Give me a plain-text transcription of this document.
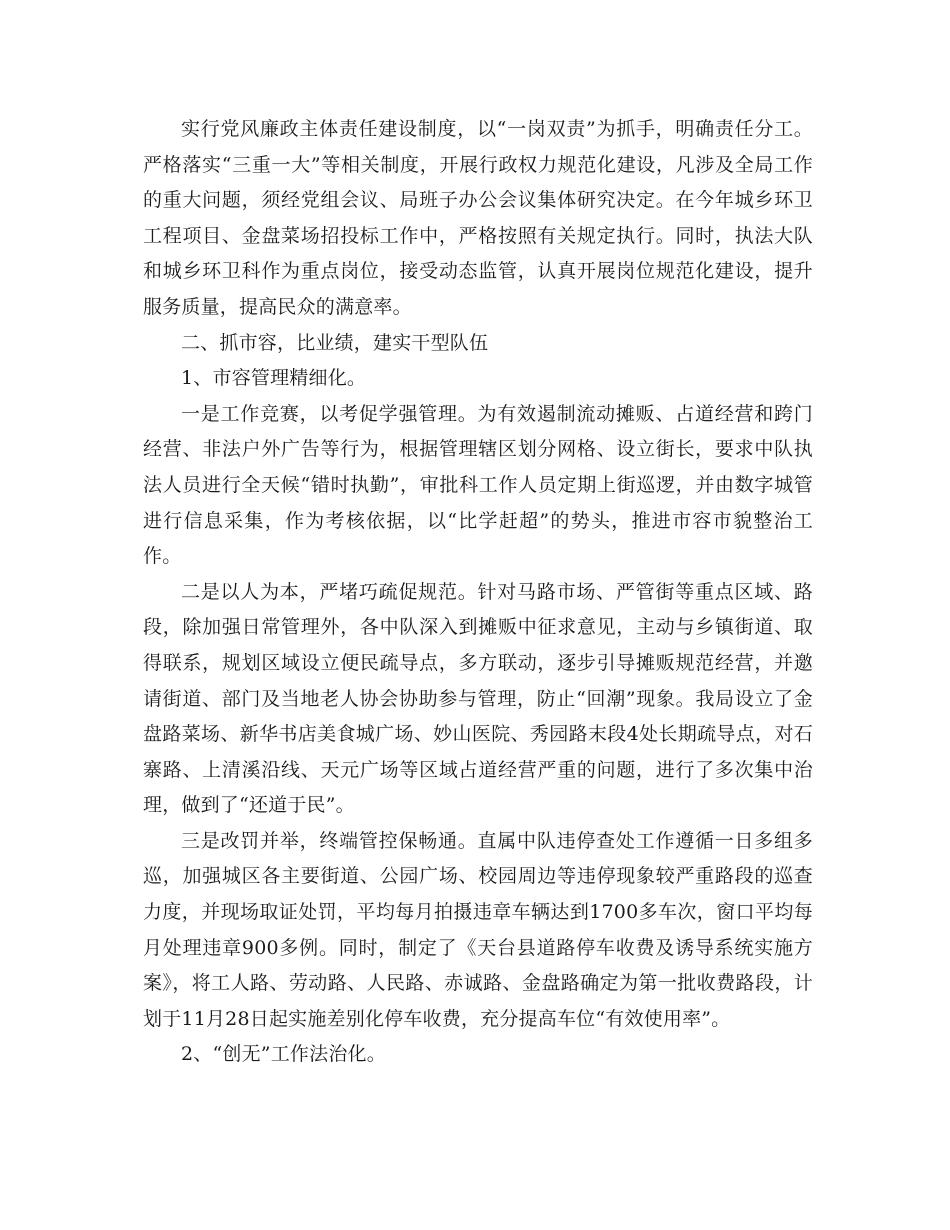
实行党风廉政主体责任建设制度，以“一岗双责”为抓手，明确责任分工。严格落实“三重一大”等相关制度，开展行政权力规范化建设，凡涉及全局工作的重大问题，须经党组会议、局班子办公会议集体研究决定。在今年城乡环卫工程项目、金盘菜场招投标工作中，严格按照有关规定执行。同时，执法大队和城乡环卫科作为重点岗位，接受动态监管，认真开展岗位规范化建设，提升服务质量，提高民众的满意率。

二、抓市容，比业绩，建实干型队伍

1、市容管理精细化。

一是工作竞赛，以考促学强管理。为有效遏制流动摊贩、占道经营和跨门经营、非法户外广告等行为，根据管理辖区划分网格、设立街长，要求中队执法人员进行全天候“错时执勤”，审批科工作人员定期上街巡逻，并由数字城管进行信息采集，作为考核依据，以“比学赶超”的势头，推进市容市貌整治工作。

二是以人为本，严堵巧疏促规范。针对马路市场、严管街等重点区域、路段，除加强日常管理外，各中队深入到摊贩中征求意见，主动与乡镇街道、取得联系，规划区域设立便民疏导点，多方联动，逐步引导摊贩规范经营，并邀请街道、部门及当地老人协会协助参与管理，防止“回潮”现象。我局设立了金盘路菜场、新华书店美食城广场、妙山医院、秀园路末段4处长期疏导点，对石寨路、上清溪沿线、天元广场等区域占道经营严重的问题，进行了多次集中治理，做到了“还道于民”。

三是改罚并举，终端管控保畅通。直属中队违停查处工作遵循一日多组多巡，加强城区各主要街道、公园广场、校园周边等违停现象较严重路段的巡查力度，并现场取证处罚，平均每月拍摄违章车辆达到1700多车次，窗口平均每月处理违章900多例。同时，制定了《天台县道路停车收费及诱导系统实施方案》，将工人路、劳动路、人民路、赤诚路、金盘路确定为第一批收费路段，计划于11月28日起实施差别化停车收费，充分提高车位“有效使用率”。

2、“创无”工作法治化。
